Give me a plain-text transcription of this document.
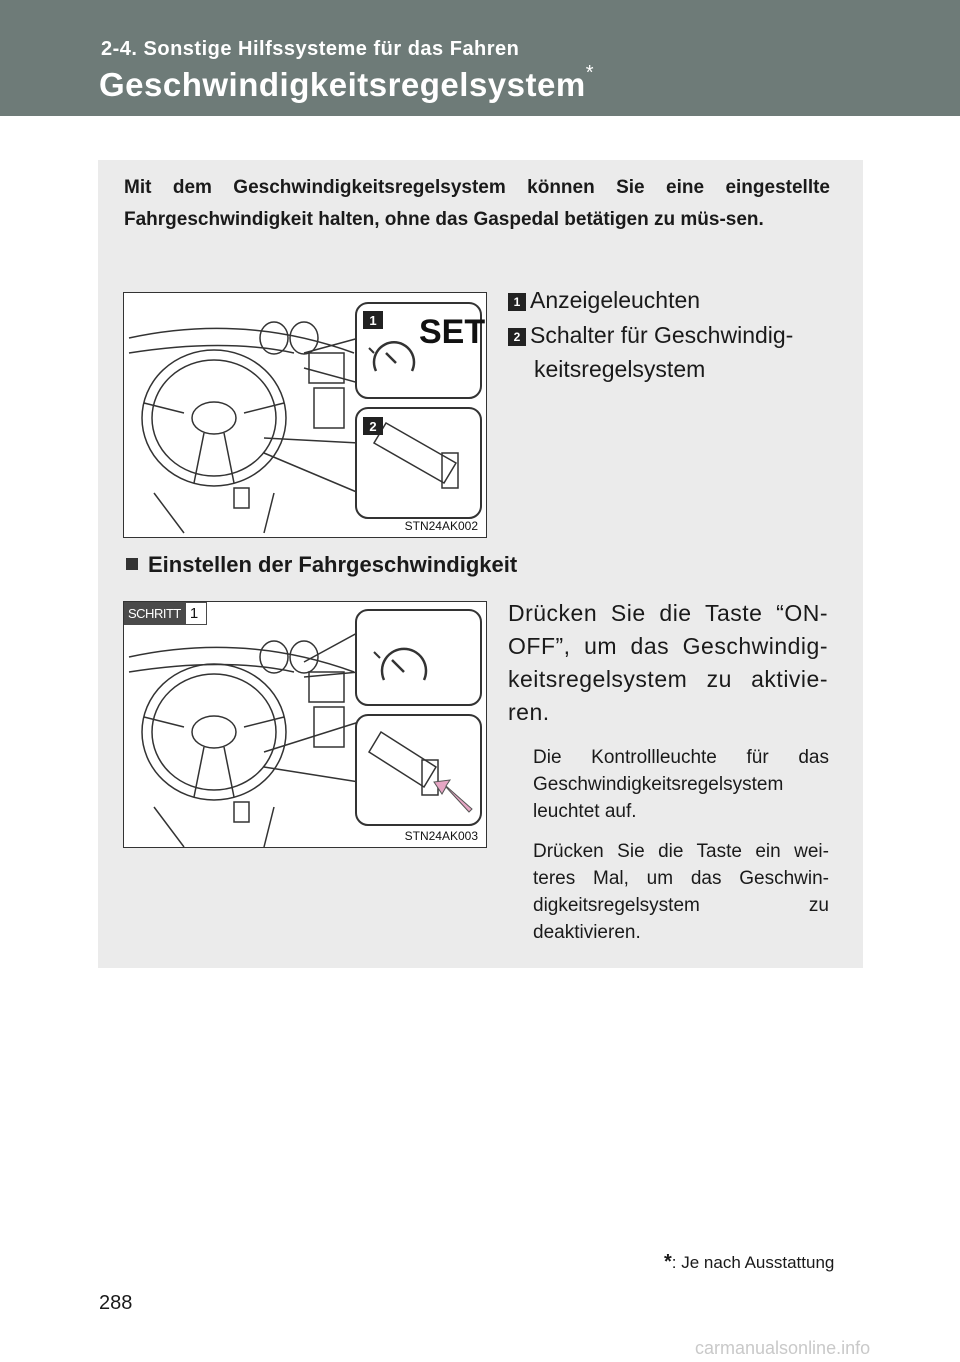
2-4. Sonstige Hilfssysteme für das Fahren
Geschwindigkeitsregelsystem*
Mit dem Geschwindigkeitsregelsystem können Sie eine eingestellte Fahrgeschwindigkeit halten, ohne das Gaspedal betätigen zu müs-sen.
1 SET
2
STN24AK002
1 Anzeigeleuchten
2 Schalter für Geschwindig-
keitsregelsystem
Einstellen der Fahrgeschwindigkeit
SCHRITT 1
STN24AK003
Drücken Sie die Taste “ON-OFF”, um das Geschwindig-keitsregelsystem zu aktivie-ren.
Die Kontrollleuchte für das Geschwindigkeitsregelsystem leuchtet auf.
Drücken Sie die Taste ein wei-teres Mal, um das Geschwin-digkeitsregelsystem zu deaktivieren.
*: Je nach Ausstattung
288
carmanualsonline.info
